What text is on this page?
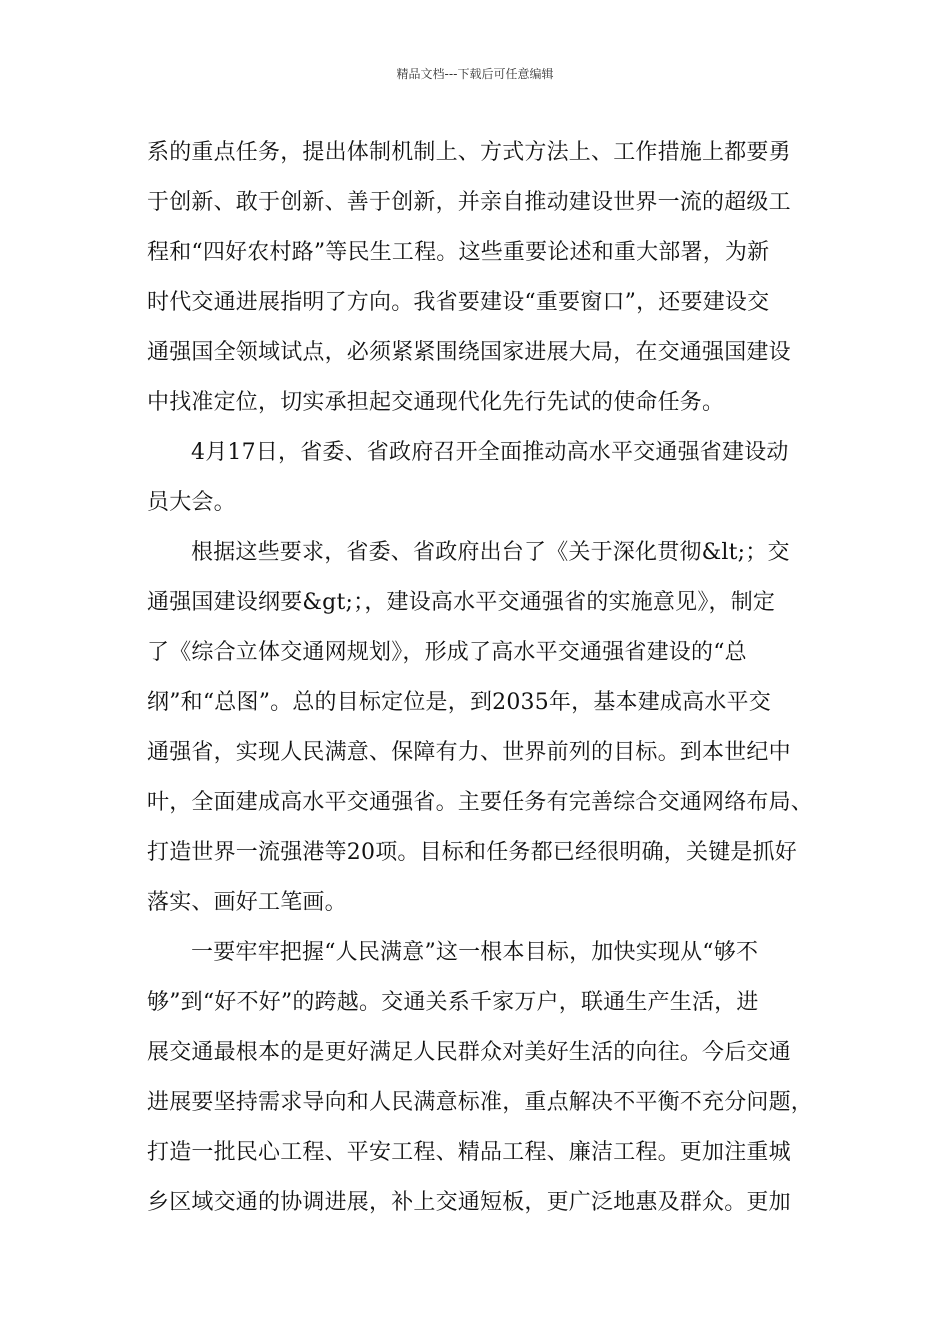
精品文档---下载后可任意编辑
系的重点任务，提出体制机制上、方式方法上、工作措施上都要勇
于创新、敢于创新、善于创新，并亲自推动建设世界一流的超级工
程和“四好农村路”等民生工程。这些重要论述和重大部署，为新
时代交通进展指明了方向。我省要建设“重要窗口”，还要建设交
通强国全领域试点，必须紧紧围绕国家进展大局，在交通强国建设
中找准定位，切实承担起交通现代化先行先试的使命任务。
4月17日，省委、省政府召开全面推动高水平交通强省建设动
员大会。
根据这些要求，省委、省政府出台了《关于深化贯彻&lt;；交
通强国建设纲要&gt;；，建设高水平交通强省的实施意见》，制定
了《综合立体交通网规划》，形成了高水平交通强省建设的“总
纲”和“总图”。总的目标定位是，到2035年，基本建成高水平交
通强省，实现人民满意、保障有力、世界前列的目标。到本世纪中
叶，全面建成高水平交通强省。主要任务有完善综合交通网络布局、
打造世界一流强港等20项。目标和任务都已经很明确，关键是抓好
落实、画好工笔画。
一要牢牢把握“人民满意”这一根本目标，加快实现从“够不
够”到“好不好”的跨越。交通关系千家万户，联通生产生活，进
展交通最根本的是更好满足人民群众对美好生活的向往。今后交通
进展要坚持需求导向和人民满意标准，重点解决不平衡不充分问题，
打造一批民心工程、平安工程、精品工程、廉洁工程。更加注重城
乡区域交通的协调进展，补上交通短板，更广泛地惠及群众。更加
